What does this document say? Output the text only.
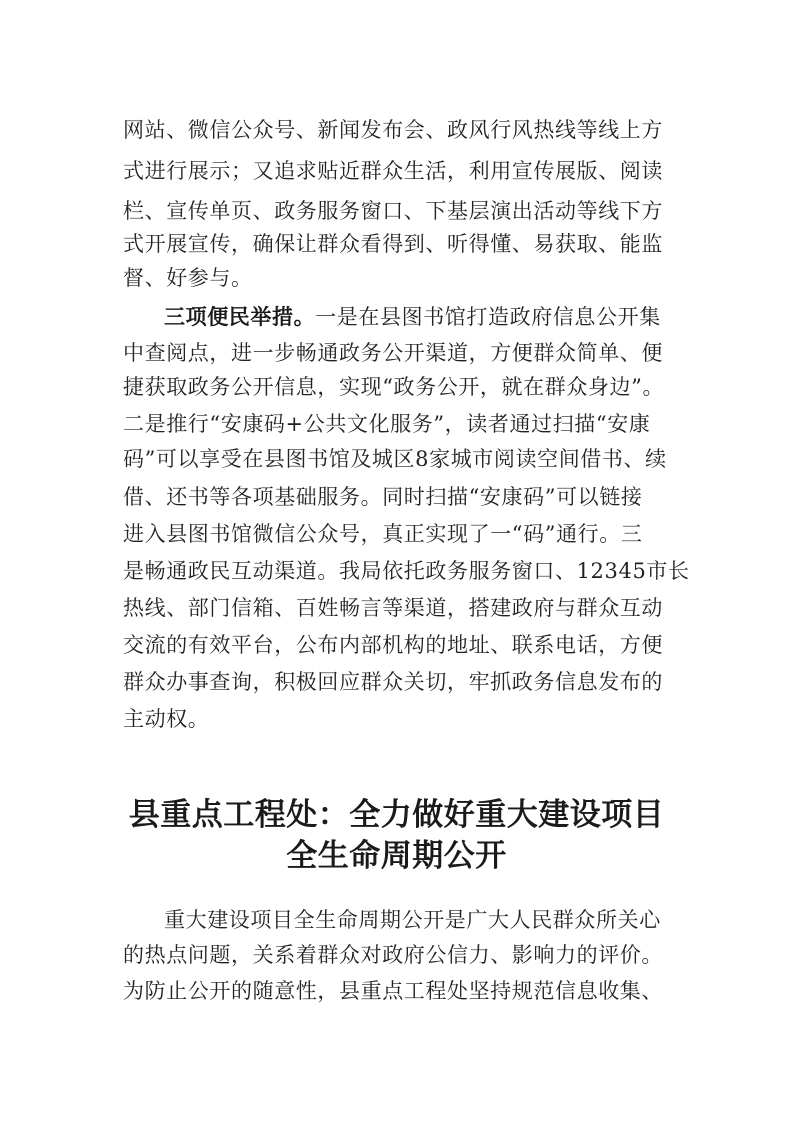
网站、微信公众号、新闻发布会、政风行风热线等线上方

式进行展示；又追求贴近群众生活，利用宣传展版、阅读

栏、宣传单页、政务服务窗口、下基层演出活动等线下方

式开展宣传，确保让群众看得到、听得懂、易获取、能监

督、好参与。

三项便民举措。一是在县图书馆打造政府信息公开集

中查阅点，进一步畅通政务公开渠道，方便群众简单、便

捷获取政务公开信息，实现“政务公开，就在群众身边”。

二是推行“安康码+公共文化服务”，读者通过扫描“安康

码”可以享受在县图书馆及城区8家城市阅读空间借书、续

借、还书等各项基础服务。同时扫描“安康码”可以链接

进入县图书馆微信公众号，真正实现了一“码”通行。三

是畅通政民互动渠道。我局依托政务服务窗口、12345市长

热线、部门信箱、百姓畅言等渠道，搭建政府与群众互动

交流的有效平台，公布内部机构的地址、联系电话，方便

群众办事查询，积极回应群众关切，牢抓政务信息发布的

主动权。

县重点工程处：全力做好重大建设项目
全生命周期公开

重大建设项目全生命周期公开是广大人民群众所关心

的热点问题，关系着群众对政府公信力、影响力的评价。

为防止公开的随意性，县重点工程处坚持规范信息收集、
